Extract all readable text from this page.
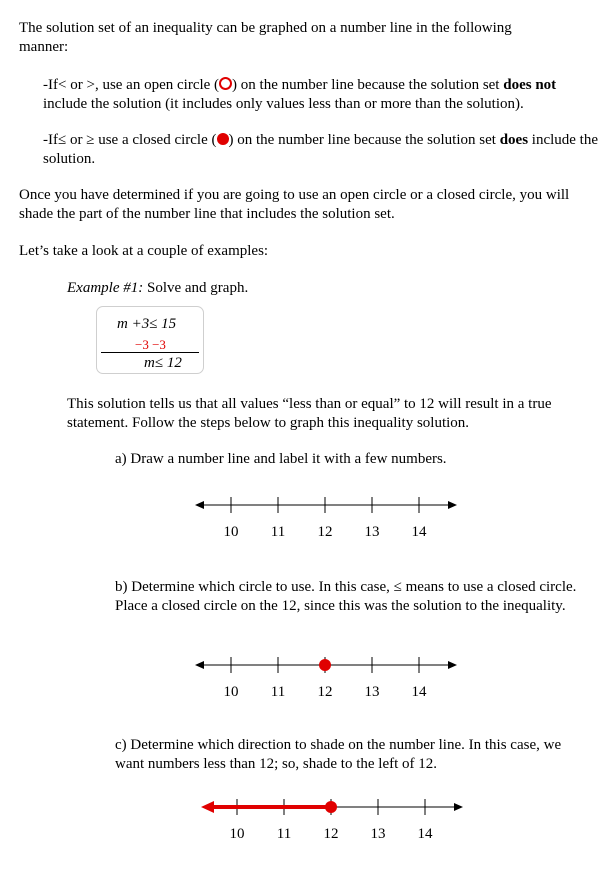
The solution set of an inequality can be graphed on a number line in the following manner:
-If< or >, use an open circle ( ) on the number line because the solution set does not include the solution (it includes only values less than or more than the solution).
-If≤ or ≥ use a closed circle ( ) on the number line because the solution set does include the solution.
Once you have determined if you are going to use an open circle or a closed circle, you will shade the part of the number line that includes the solution set.
Let’s take a look at a couple of examples:
Example #1: Solve and graph.
m +3≤ 15
−3 −3
m≤ 12
This solution tells us that all values “less than or equal” to 12 will result in a true statement. Follow the steps below to graph this inequality solution.
a) Draw a number line and label it with a few numbers.
10 11 12 13 14
b) Determine which circle to use. In this case, ≤ means to use a closed circle. Place a closed circle on the 12, since this was the solution to the inequality.
10 11 12 13 14
c) Determine which direction to shade on the number line. In this case, we want numbers less than 12; so, shade to the left of 12.
10 11 12 13 14
